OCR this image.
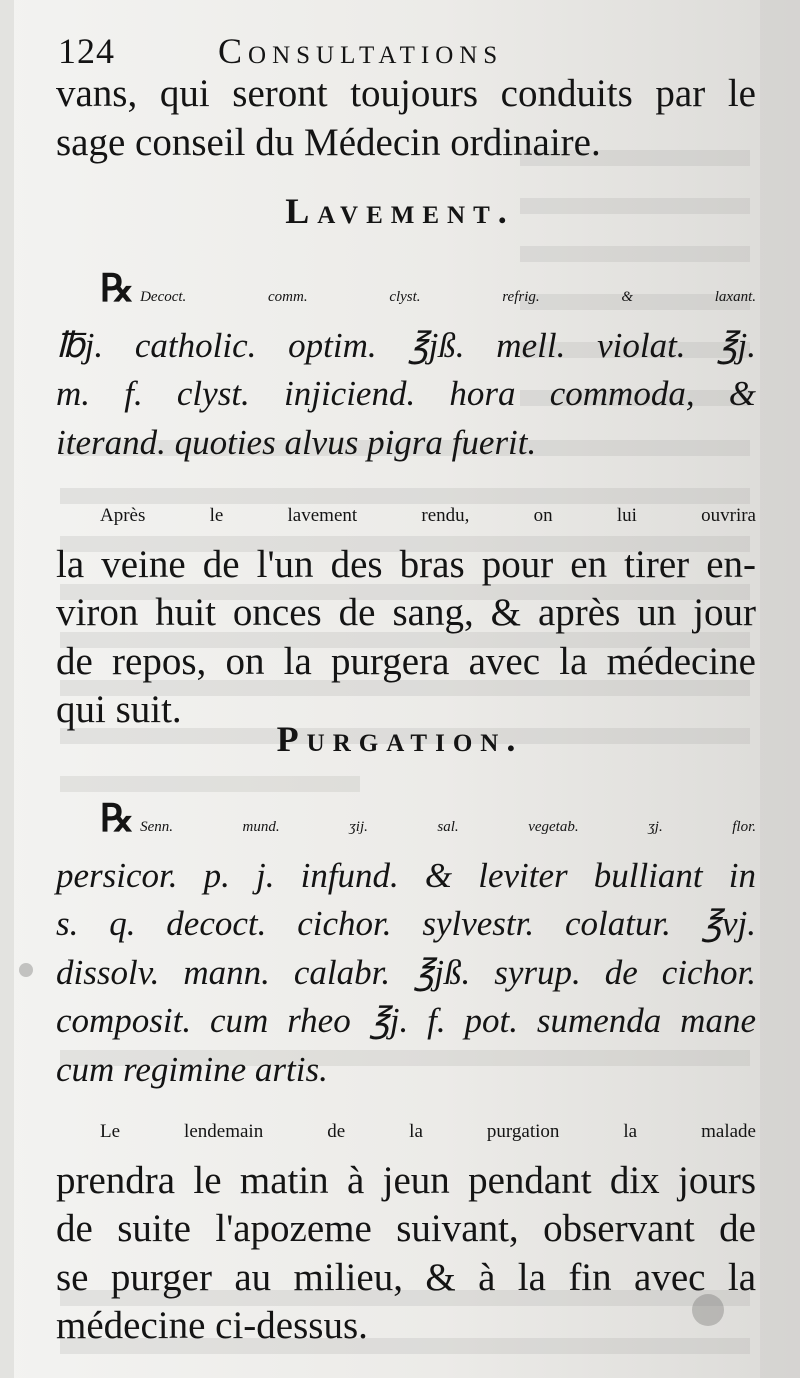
124	Consultations

vans, qui seront toujours conduits par le
sage conseil du Médecin ordinaire.

Lavement.

℞ Decoct. comm. clyst. refrig. & laxant.
℔j. catholic. optim. ℥jß. mell. violat. ℥j.
m. f. clyst. injiciend. hora commoda, &
iterand. quoties alvus pigra fuerit.

Après le lavement rendu, on lui ouvrira
la veine de l'un des bras pour en tirer en-
viron huit onces de sang, & après un jour
de repos, on la purgera avec la médecine
qui suit.

Purgation.

℞ Senn. mund. ʒij. sal. vegetab. ʒj. flor.
persicor. p. j. infund. & leviter bulliant in
s. q. decoct. cichor. sylvestr. colatur. ℥vj.
dissolv. mann. calabr. ℥jß. syrup. de cichor.
composit. cum rheo ℥j. f. pot. sumenda mane
cum regimine artis.

Le lendemain de la purgation la malade
prendra le matin à jeun pendant dix jours
de suite l'apozeme suivant, observant de
se purger au milieu, & à la fin avec la
médecine ci-dessus.
